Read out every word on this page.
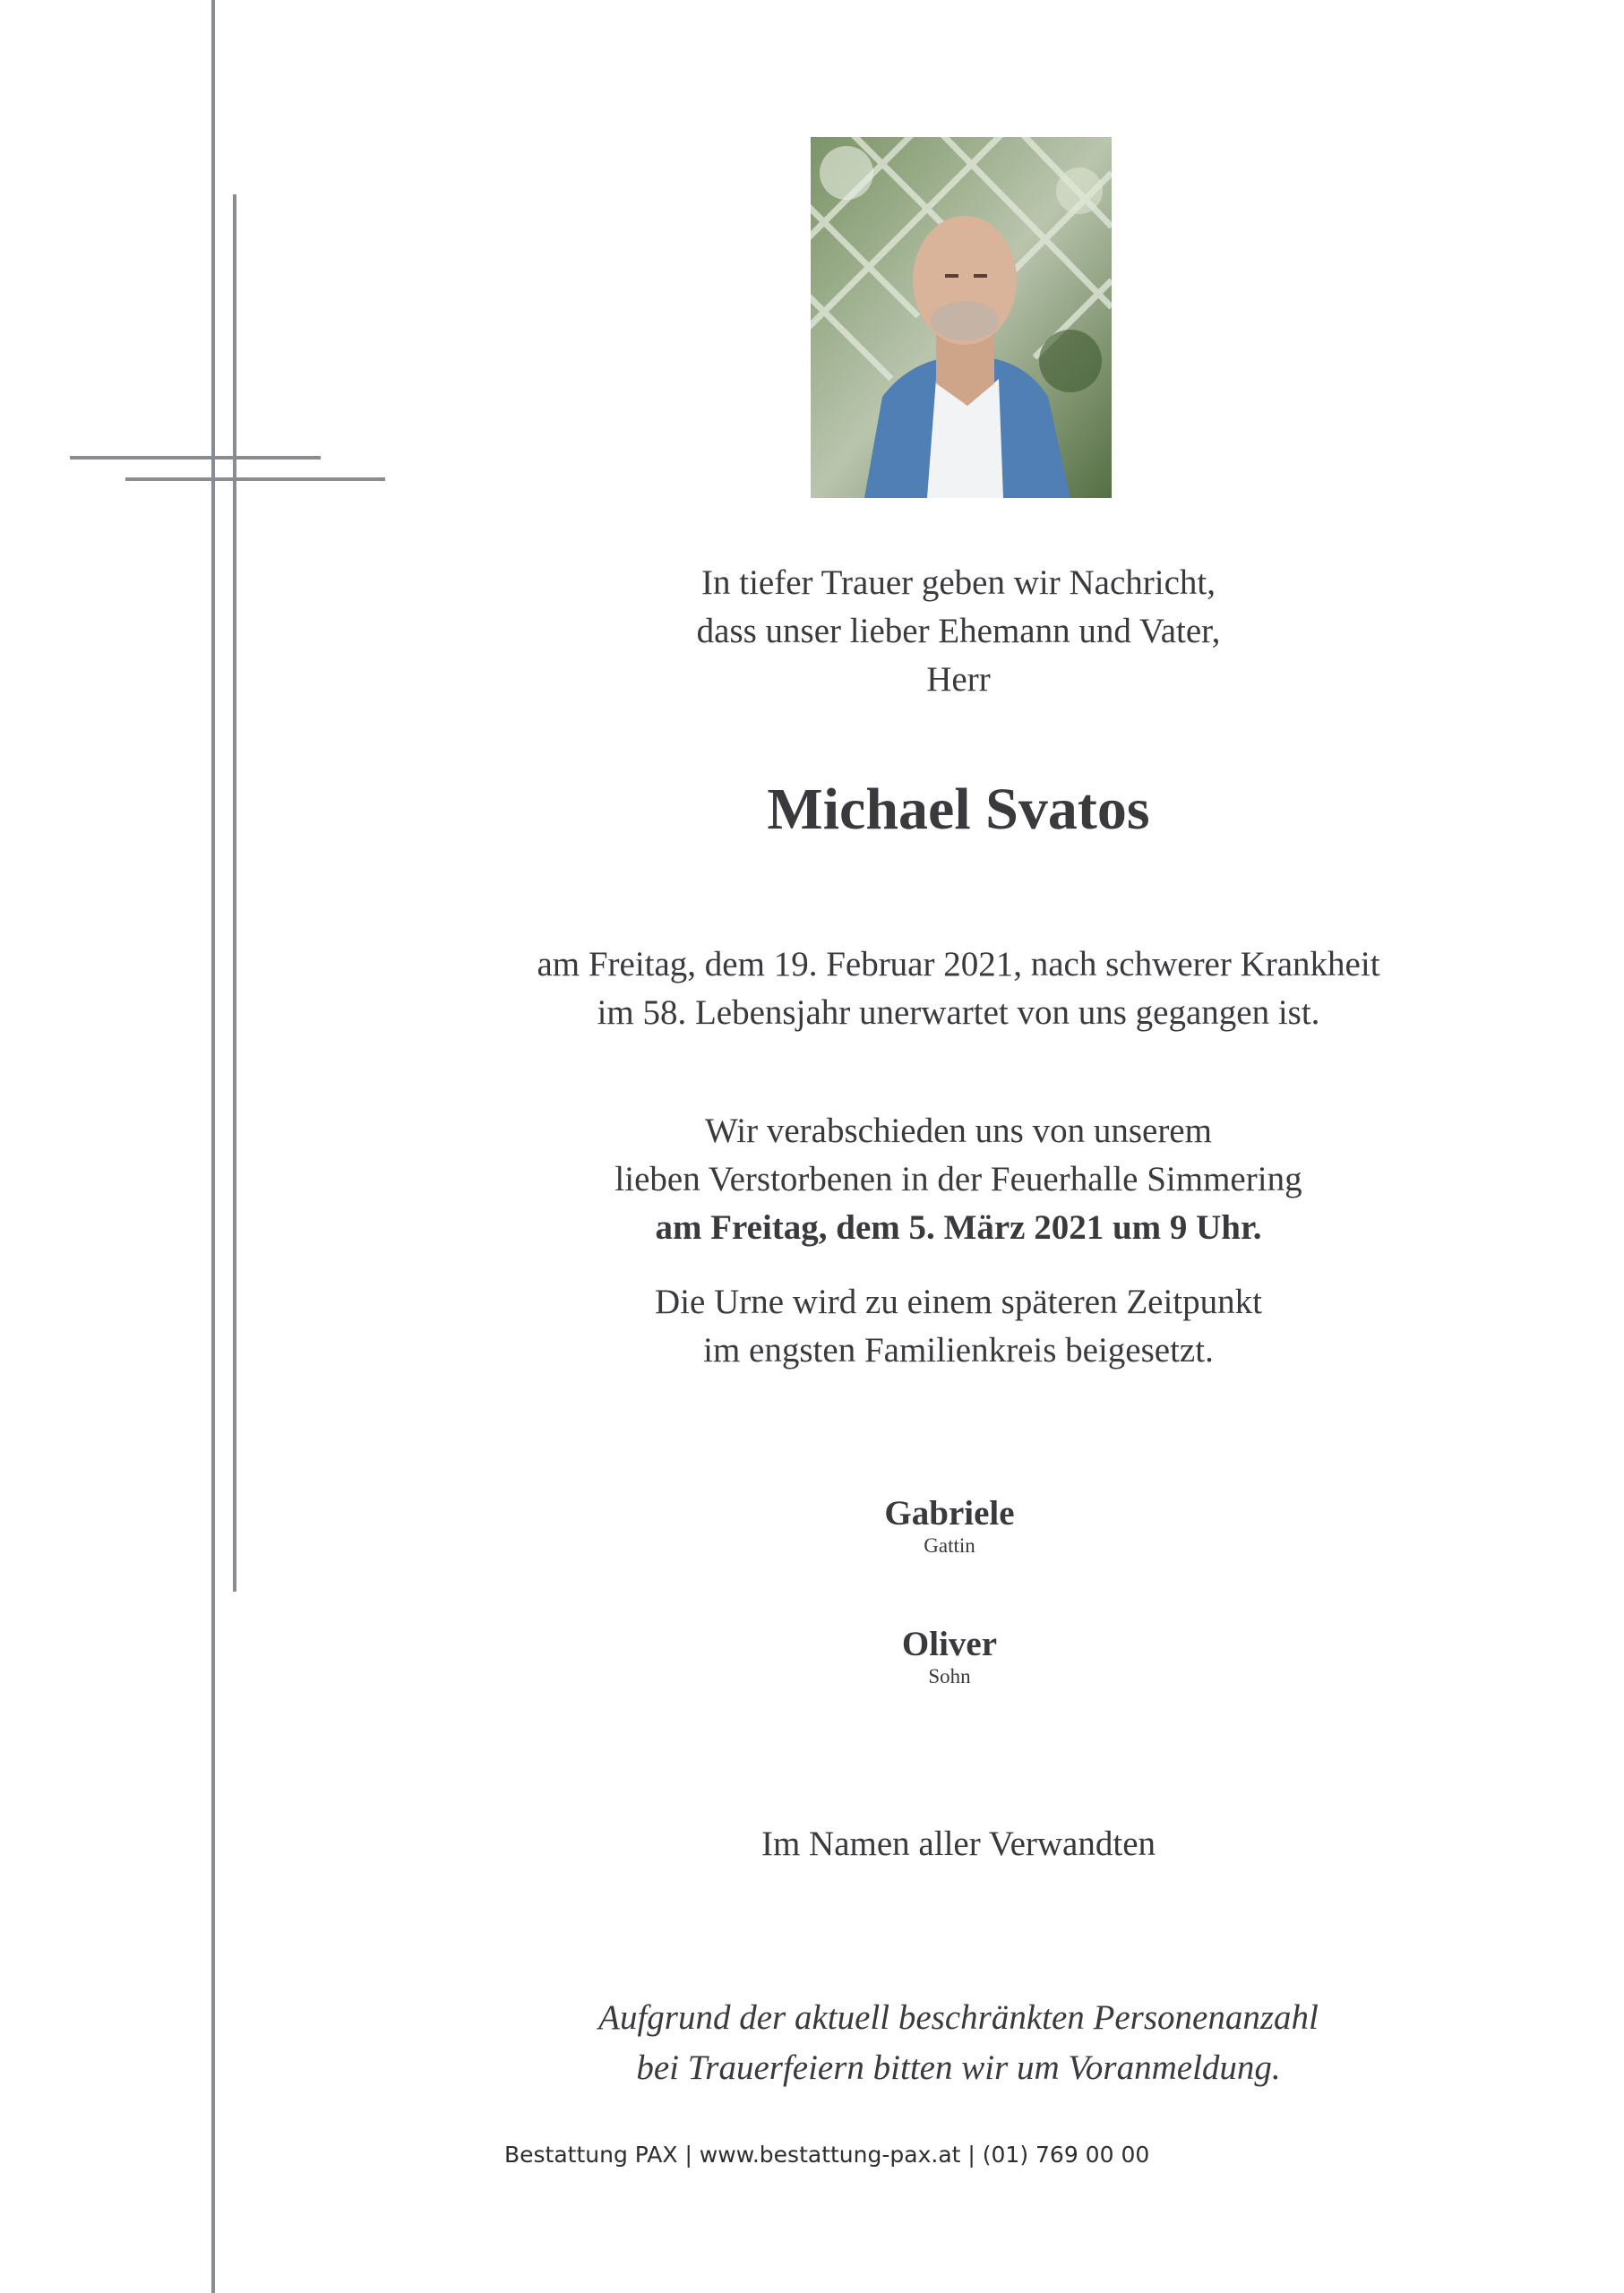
In tiefer Trauer geben wir Nachricht,
dass unser lieber Ehemann und Vater,
Herr
Michael Svatos
am Freitag, dem 19. Februar 2021, nach schwerer Krankheit
im 58. Lebensjahr unerwartet von uns gegangen ist.
Wir verabschieden uns von unserem
lieben Verstorbenen in der Feuerhalle Simmering
am Freitag, dem 5. März 2021 um 9 Uhr.
Die Urne wird zu einem späteren Zeitpunkt
im engsten Familienkreis beigesetzt.
Gabriele
Gattin
Oliver
Sohn
Im Namen aller Verwandten
Aufgrund der aktuell beschränkten Personenanzahl
bei Trauerfeiern bitten wir um Voranmeldung.
Bestattung PAX | www.bestattung-pax.at | (01) 769 00 00
